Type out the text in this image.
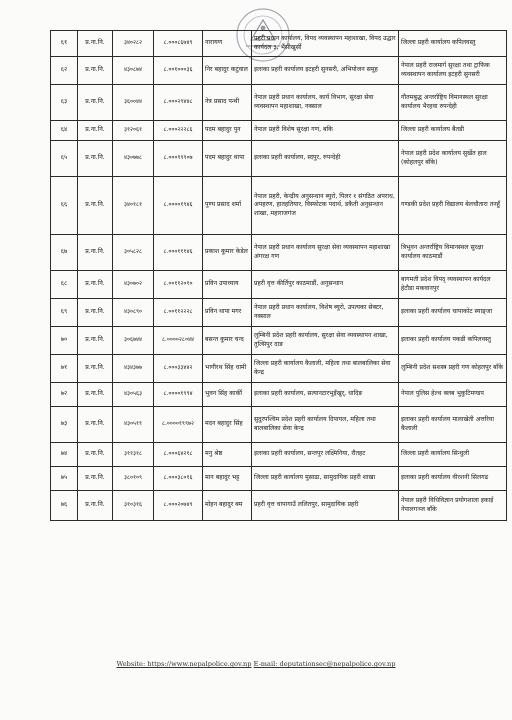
६१	प्र.ना.नि.	३४०२८२	८.०००८६७४९	नारायण	प्रहरी प्रधान कार्यालय, विपद व्यवस्थापन महाशाखा, विपद उद्धार कार्यदल ३, भैंसीखुर्सी	जिल्ला प्रहरी कार्यालय कपिलवस्तु
६२	प्र.ना.नि.	४३०८७४	८.००१०००३६	निर बहादुर कटुवाल	इलाका प्रहरी कार्यालय इटहरी सुनसरी, अभियोजन समूह	नेपाल प्रहरी राजमार्ग सुरक्षा तथा ट्राफिक व्यवस्थापन कार्यालय इटहरी सुनसरी
६३	प्र.ना.नि.	३६००४४	८.०००२९४४८	नेत्र प्रसाद पन्थी	नेपाल प्रहरी प्रधान कार्यालय, कार्य विभाग, सुरक्षा सेवा व्यवस्थापन महाशाखा, नक्साल	गौतमबुद्ध अन्तर्राष्ट्रिय विमानस्थल सुरक्षा कार्यालय भैरहवा रुपन्देही
६४	प्र.ना.नि.	३१२०६१	८.०००२२२८६	पदम बहादुर पुन	नेपाल प्रहरी विशेष सुरक्षा गण, बकि	जिल्ला प्रहरी कार्यालय बैतडी
६५	प्र.ना.नि.	४३०७७८	८.०००९९९०७	पदम बहादुर थापा	इलाका प्रहरी कार्यालय, स्दपुर, रुपन्देही	नेपाल प्रहरी प्रदेश कार्यालय सुर्खेत हाल (कोहलपुर बाँके)
६६	प्र.ना.नि.	३४०१८१	८.००००१९४६	पुण्य प्रसाद शर्मा	नेपाल प्रहरी, केन्द्रीय अनुसन्धान ब्युरो, पिलर १ संगठित अपराध, अपहरण, हातहतियार, विस्फोटक पदार्थ, डकैती अनुसन्धान शाखा, महाराजगंज	गण्डकी प्रदेश प्रहरी विद्यालय बेलचौतारा तनहुँ
६७	प्र.ना.नि.	३०५८२८	८.०००१११४६	प्रकाश कुमार केडेल	नेपाल प्रहरी प्रधान कार्यालय सुरक्षा सेवा व्यवस्थापन महाशाखा अंगरक्ष गण	त्रिभुवन अन्तर्राष्ट्रिय विमानस्थल सुरक्षा कार्यालय काठमाडौं
६८	प्र.ना.नि.	४३०७०२	८.००११२०१०	प्रविन उपाध्याय	प्रहरी वृत्त कीर्तिपुर काठमाडौं, अनुसन्धान	बागमती प्रदेश विपद् व्यवस्थापन कार्यदल हेटौडा मकवानपुर
६९	प्र.ना.नि.	४३०८९०	८.००११२२२८	प्रविन थापा मगर	नेपाल प्रहरी प्रधान कार्यालय, विशेष ब्युरो, उपत्यका सेक्टर, नक्साल	इलाका प्रहरी कार्यालय चापाकोट स्याङ्जा
७०	प्र.ना.नि.	३०६७४४	८.००००२८०४४	बसन्त कुमार चन्द	लुम्बिनी प्रदेश प्रहरी कार्यालय, सुरक्षा सेवा व्यवस्थापन शाखा, तुल्सिपुर दाङ	इलाका प्रहरी कार्यालय पकडी कपिलवस्तु
७१	प्र.ना.नि.	४३४३७७	८.०००३३४४२	भागीरथ सिंह धामी	जिल्ला प्रहरी कार्यालय कैलाली, महिला तथा बालबालिका सेवा केन्द्र	लुम्बिनी प्रदेश सशस्त्र प्रहरी गण कोहलपुर बाँके
७२	प्र.ना.नि.	४३०५६३	८.००००१९९४	भुवन सिंह कार्की	इलाका प्रहरी कार्यालय, सत्यानटारभुइँखुर्, धादिङ	नेपाल पुलिस हेल्थ क्लब भुकुटिमण्डप
७३	प्र.ना.नि.	४३०५११	८.००००१९९७२	मदन बहादुर सिंह	सुदुरपश्चिम प्रदेश प्रहरी कार्यालय दिपायल, महिला तथा बालबालिका सेवा केन्द्र	इलाका प्रहरी कार्यालय मालाखेती अत्तरिया कैलाली
७४	प्र.ना.नि.	३११३१८	८.०००६४२१८	मनु श्रेष्ठ	इलाका प्रहरी कार्यालय, सन्तपुर लक्ष्मिनिया, रौतहट	जिल्ला प्रहरी कार्यालय सिन्धुली
७५	प्र.ना.नि.	३८०१०९	८.०००३८०१६	मान बहादुर भट्ट	जिल्ला प्रहरी कार्यालय मुसाढा, सामुदायिक प्रहरी शाखा	इलाका प्रहरी कार्यालय वीरशनी सिलगढ
७६	प्र.ना.नि.	३१०३१६	८.०००२०७४९	मोहन बहादुर बम	प्रहरी वृत्त चापागाउँ ललितपुर, सामुदायिक प्रहरी	नेपाल प्रहरी विधिविज्ञान प्रयोगशाला इकाई नेपालगञ्ज बाँके
Website: https://www.nepalpolice.gov.np E-mail: deputationsec@nepalpolice.gov.np
